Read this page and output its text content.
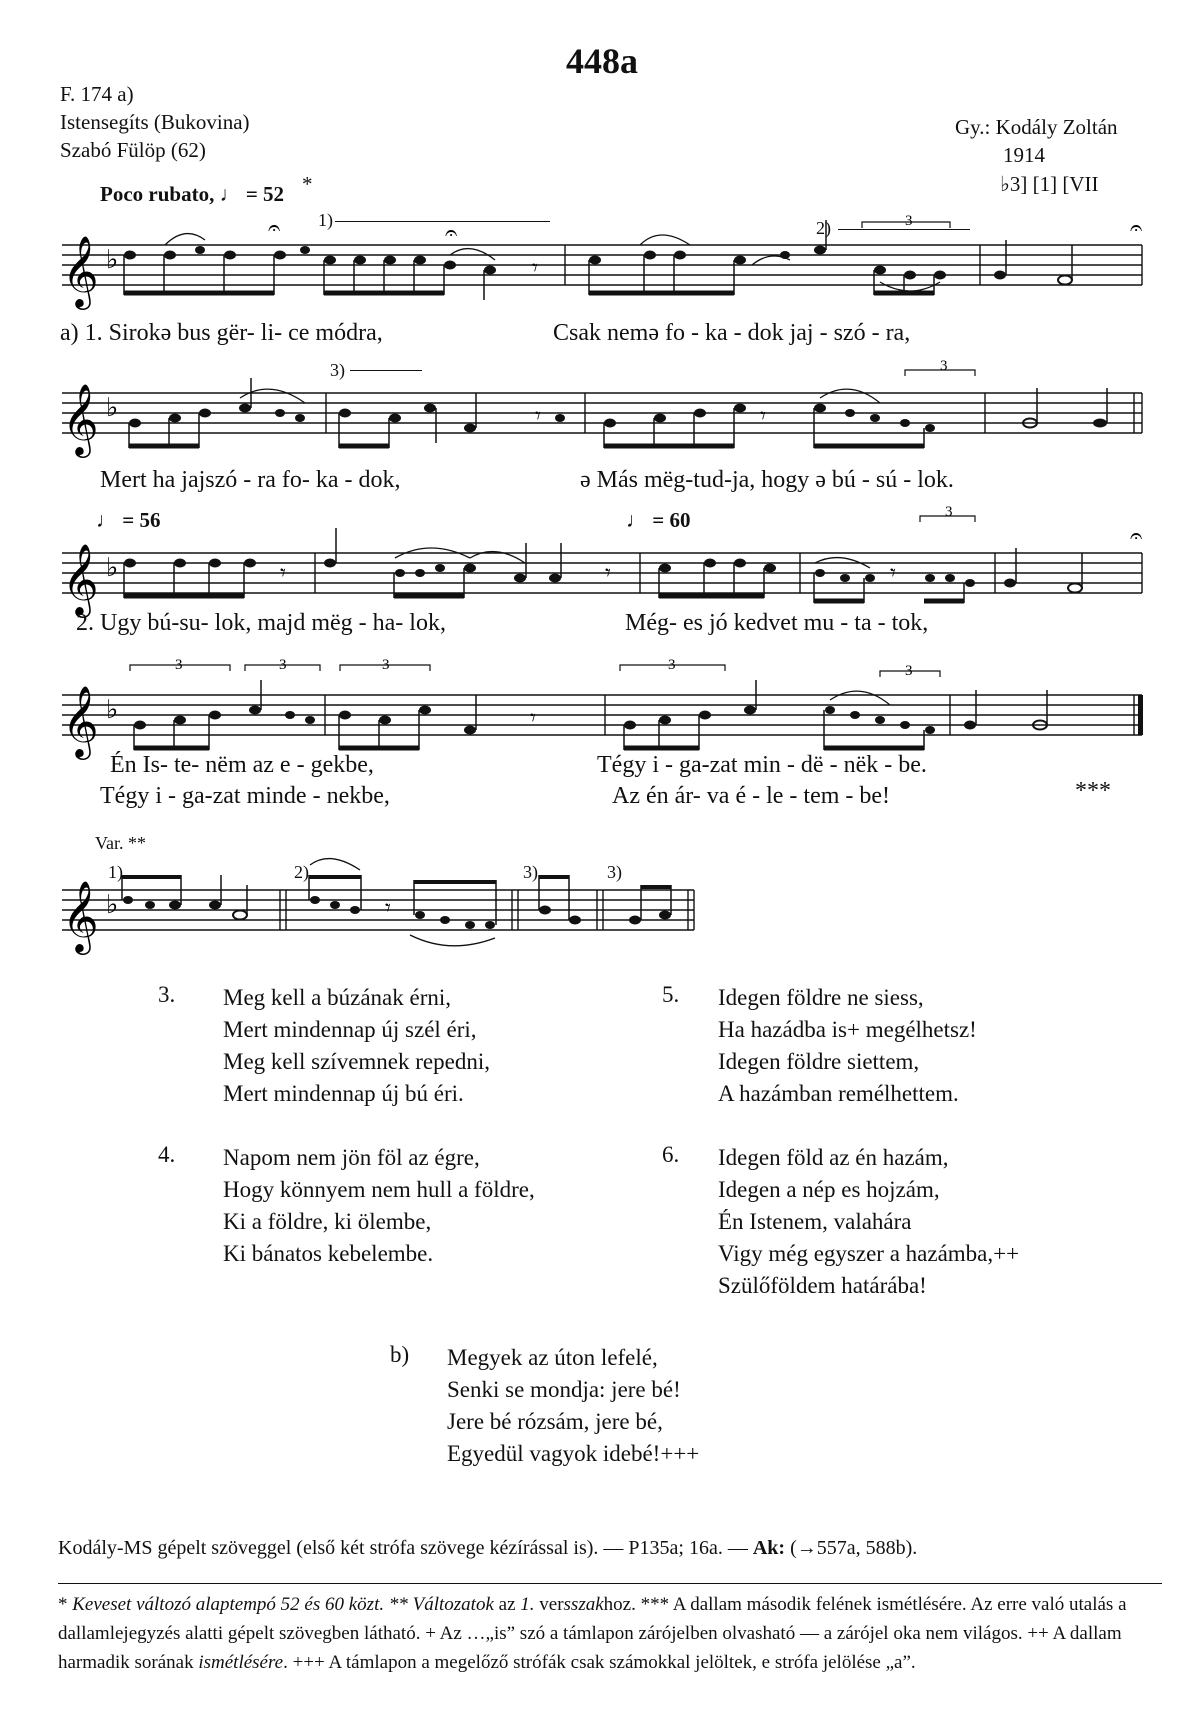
448a
F. 174 a)
Istensegíts (Bukovina)
Szabó Fülöp (62)
Gy.: Kodály Zoltán
1914
♭3] [1] [VII
Poco rubato, ♩ = 52 *
1)	2)
𝄞 ♭
𝄐	𝄐	𝄐
𝄾
3
a) 1. Sirokə bus gër- li- ce módra,	Csak nemə fo - ka - dok jaj - szó - ra,
3)
𝄞 ♭	𝄾	𝄾
3
Mert ha jajszó - ra fo- ka - dok,	ə Más mëg-tud-ja, hogy ə bú - sú - lok.
♩ = 56	♩ = 60
𝄞 ♭	𝄾	𝄾	𝄾
𝄐
3
2. Ugy bú-su- lok, majd mëg - ha- lok,	Még- es jó kedvet mu - ta - tok,
3	3	3	3	3
𝄞 ♭	𝄾
Én Is- te- nëm az e - gekbe,	Tégy i - ga-zat min - dë - nëk - be.
Tégy i - ga-zat minde - nekbe,	Az én ár- va é - le - tem - be!	***
Var. **
1)	2)	3)	3)
𝄞 ♭	𝄾
3. Meg kell a búzának érni,
Mert mindennap új szél éri,
Meg kell szívemnek repedni,
Mert mindennap új bú éri.
4. Napom nem jön föl az égre,
Hogy könnyem nem hull a földre,
Ki a földre, ki ölembe,
Ki bánatos kebelembe.
5. Idegen földre ne siess,
Ha hazádba is+ megélhetsz!
Idegen földre siettem,
A hazámban remélhettem.
6. Idegen föld az én hazám,
Idegen a nép es hojzám,
Én Istenem, valahára
Vigy még egyszer a hazámba,++
Szülőföldem határába!
b) Megyek az úton lefelé,
Senki se mondja: jere bé!
Jere bé rózsám, jere bé,
Egyedül vagyok idebé!+++
Kodály-MS gépelt szöveggel (első két strófa szövege kézírással is). — P135a; 16a. — Ak: (→557a, 588b).
* Keveset változó alaptempó 52 és 60 közt. ** Változatok az 1. versszakhoz. *** A dallam második felének ismétlésére. Az erre való utalás a dallamlejegyzés alatti gépelt szövegben látható. + Az …„is” szó a támlapon zárójelben olvasható — a zárójel oka nem világos. ++ A dallam harmadik sorának ismétlésére. +++ A támlapon a megelőző strófák csak számokkal jelöltek, e strófa jelölése „a”.
